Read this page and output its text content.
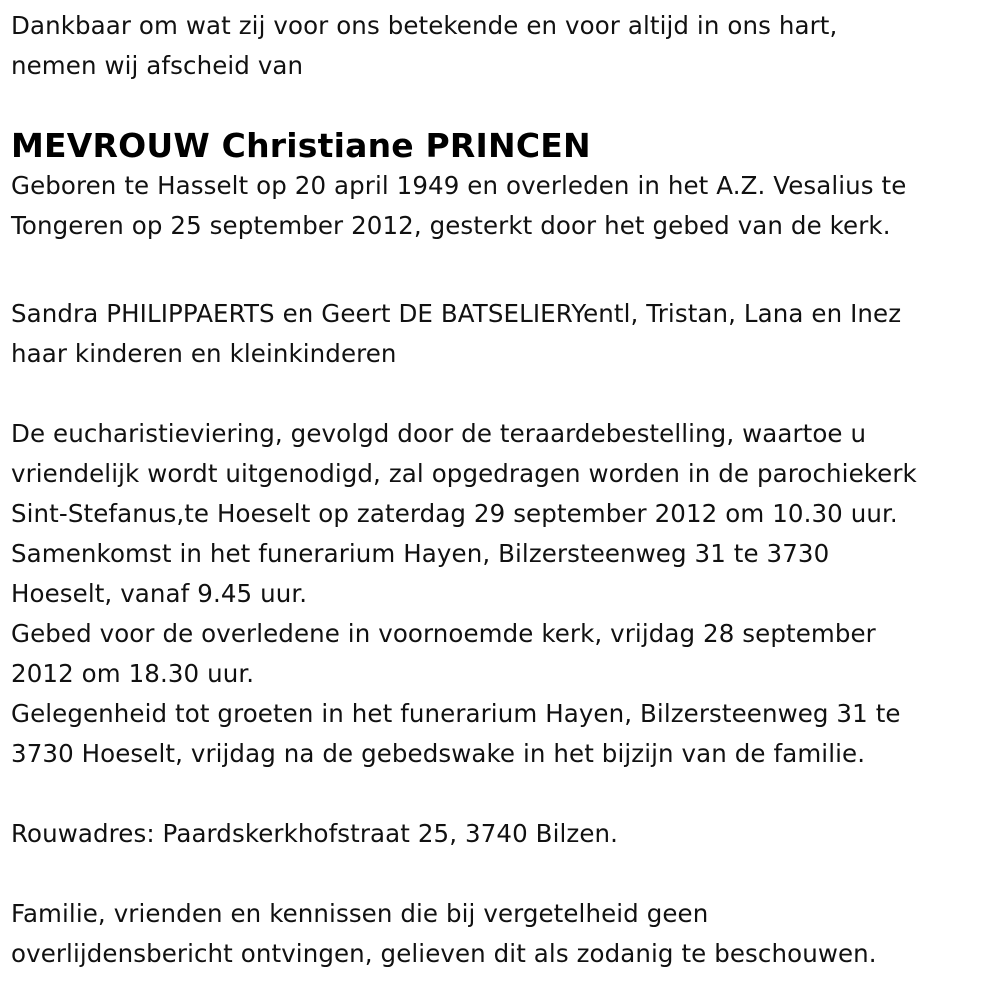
Dankbaar om wat zij voor ons betekende en voor altijd in ons hart,
nemen wij afscheid van
MEVROUW Christiane PRINCEN
Geboren te Hasselt op 20 april 1949 en overleden in het A.Z. Vesalius te
Tongeren op 25 september 2012, gesterkt door het gebed van de kerk.
Sandra PHILIPPAERTS en Geert DE BATSELIERYentl, Tristan, Lana en Inez
haar kinderen en kleinkinderen
De eucharistieviering, gevolgd door de teraardebestelling, waartoe u
vriendelijk wordt uitgenodigd, zal opgedragen worden in de parochiekerk
Sint-Stefanus,te Hoeselt op zaterdag 29 september 2012 om 10.30 uur.
Samenkomst in het funerarium Hayen, Bilzersteenweg 31 te 3730
Hoeselt, vanaf 9.45 uur.
Gebed voor de overledene in voornoemde kerk, vrijdag 28 september
2012 om 18.30 uur.
Gelegenheid tot groeten in het funerarium Hayen, Bilzersteenweg 31 te
3730 Hoeselt, vrijdag na de gebedswake in het bijzijn van de familie.
Rouwadres: Paardskerkhofstraat 25, 3740 Bilzen.
Familie, vrienden en kennissen die bij vergetelheid geen
overlijdensbericht ontvingen, gelieven dit als zodanig te beschouwen.
